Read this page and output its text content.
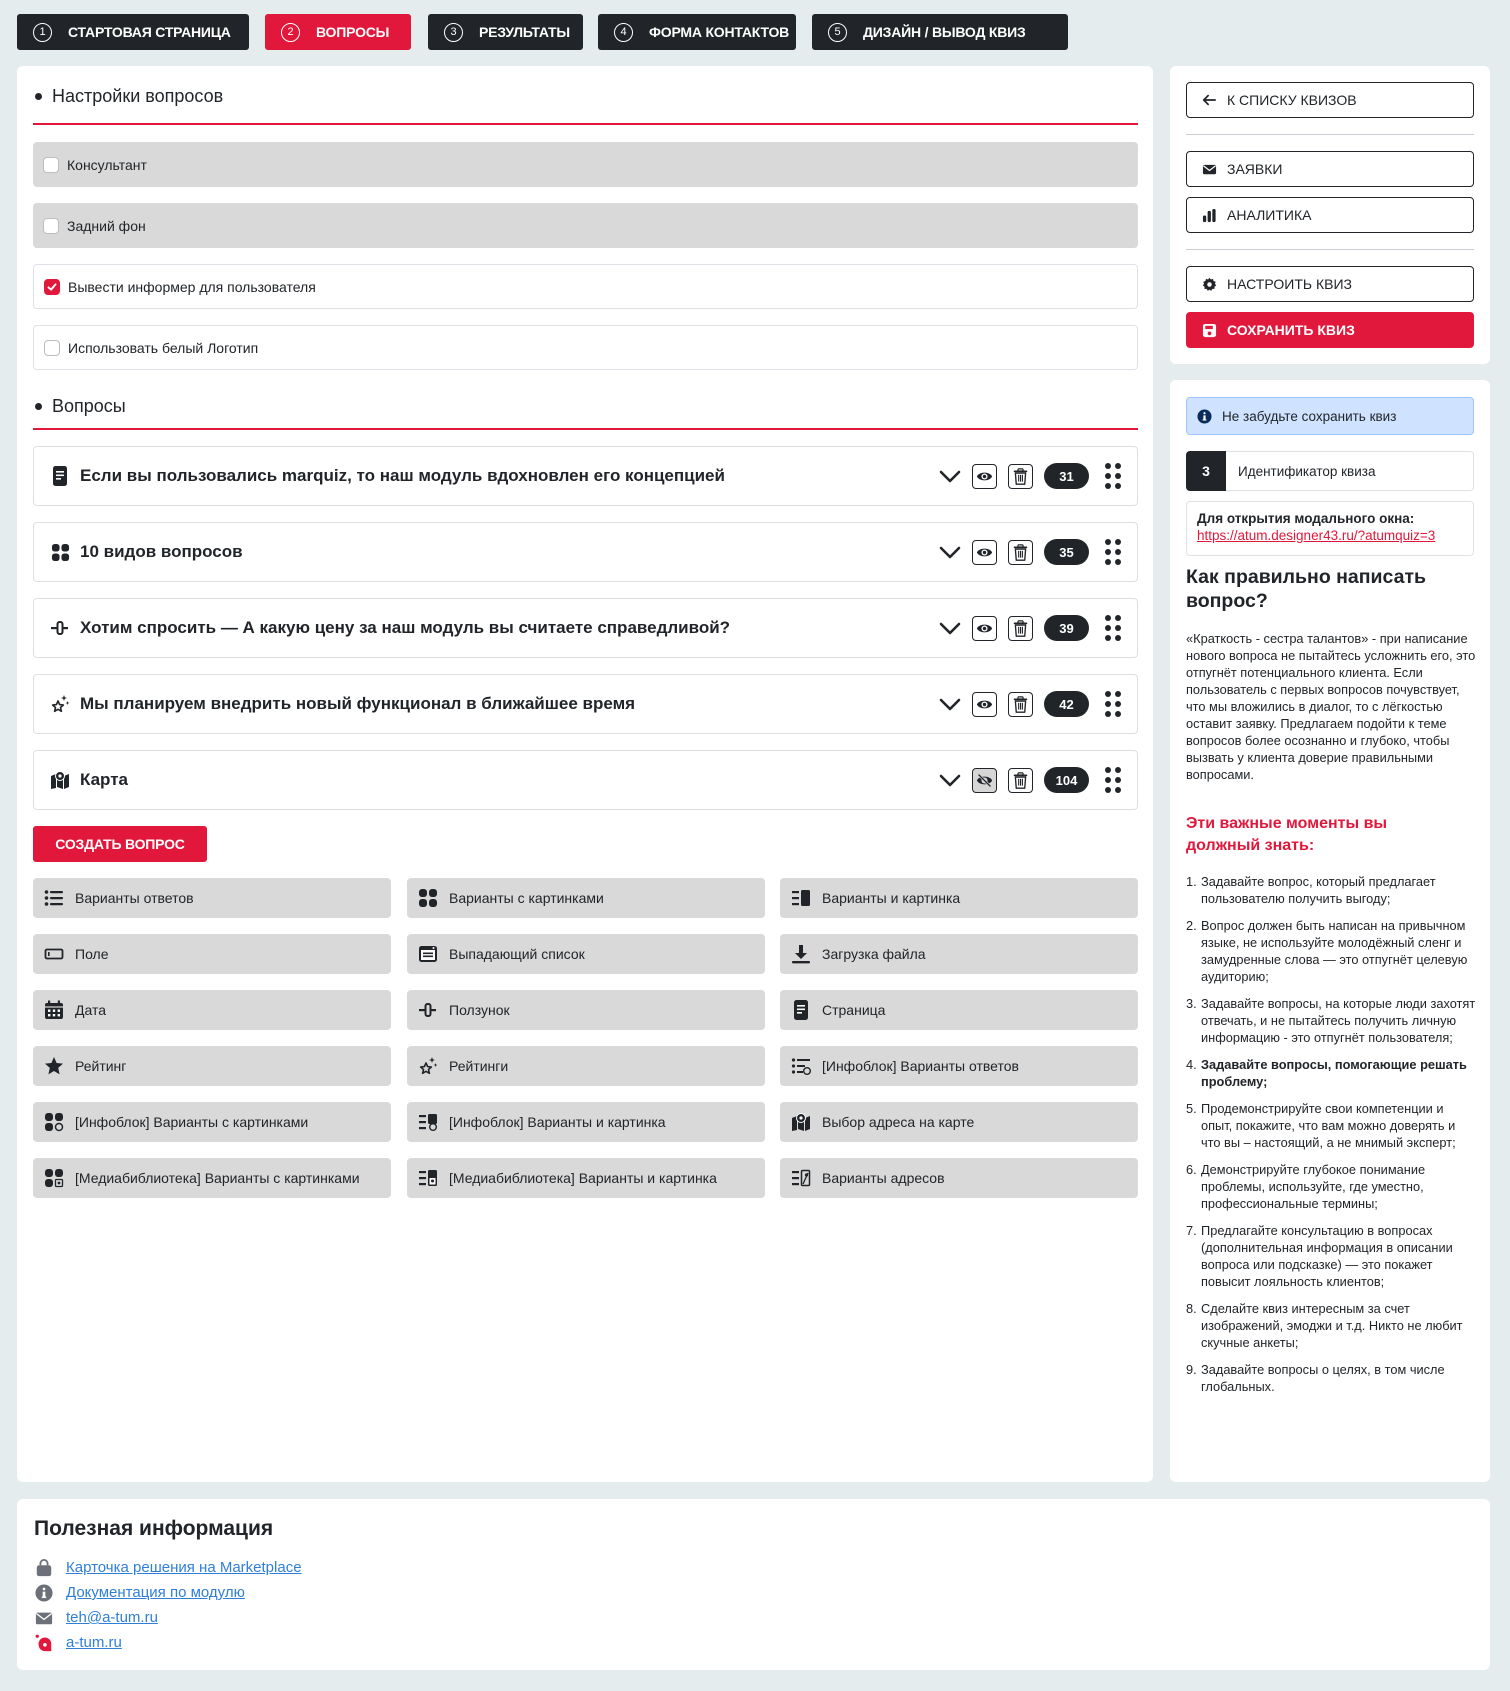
1	СТАРТОВАЯ СТРАНИЦА	2	ВОПРОСЫ	3	РЕЗУЛЬТАТЫ	4	ФОРМА КОНТАКТОВ	5	ДИЗАЙН / ВЫВОД КВИЗ
Настройки вопросов
Консультант
Задний фон
Вывести информер для пользователя
Использовать белый Логотип
Вопросы
Если вы пользовались marquiz, то наш модуль вдохновлен его концепцией	31
10 видов вопросов	35
Хотим спросить — А какую цену за наш модуль вы считаете справедливой?	39
Мы планируем внедрить новый функционал в ближайшее время	42
Карта	104
СОЗДАТЬ ВОПРОС
Варианты ответов	Варианты с картинками	Варианты и картинка
Поле	Выпадающий список	Загрузка файла
Дата	Ползунок	Страница
Рейтинг	Рейтинги	[Инфоблок] Варианты ответов
[Инфоблок] Варианты с картинками	[Инфоблок] Варианты и картинка	Выбор адреса на карте
[Медиабиблиотека] Варианты с картинками	[Медиабиблиотека] Варианты и картинка	Варианты адресов
К СПИСКУ КВИЗОВ
ЗАЯВКИ
АНАЛИТИКА
НАСТРОИТЬ КВИЗ
СОХРАНИТЬ КВИЗ
Не забудьте сохранить квиз
3	Идентификатор квиза
Для открытия модального окна:
https://atum.designer43.ru/?atumquiz=3
Как правильно написать вопрос?

«Краткость - сестра талантов» - при написание нового вопроса не пытайтесь усложнить его, это отпугнёт потенциального клиента. Если пользователь с первых вопросов почувствует, что мы вложились в диалог, то с лёгкостью оставит заявку. Предлагаем подойти к теме вопросов более осознанно и глубоко, чтобы вызвать у клиента доверие правильными вопросами.

Эти важные моменты вы должный знать:
1. Задавайте вопрос, который предлагает пользователю получить выгоду;
2. Вопрос должен быть написан на привычном языке, не используйте молодёжный сленг и замудренные слова — это отпугнёт целевую аудиторию;
3. Задавайте вопросы, на которые люди захотят отвечать, и не пытайтесь получить личную информацию - это отпугнёт пользователя;
4. Задавайте вопросы, помогающие решать проблему;
5. Продемонстрируйте свои компетенции и опыт, покажите, что вам можно доверять и что вы – настоящий, а не мнимый эксперт;
6. Демонстрируйте глубокое понимание проблемы, используйте, где уместно, профессиональные термины;
7. Предлагайте консультацию в вопросах (дополнительная информация в описании вопроса или подсказке) — это покажет повысит лояльность клиентов;
8. Сделайте квиз интересным за счет изображений, эмоджи и т.д. Никто не любит скучные анкеты;
9. Задавайте вопросы о целях, в том числе глобальных.
Полезная информация
Карточка решения на Marketplace
Документация по модулю
teh@a-tum.ru
a-tum.ru
